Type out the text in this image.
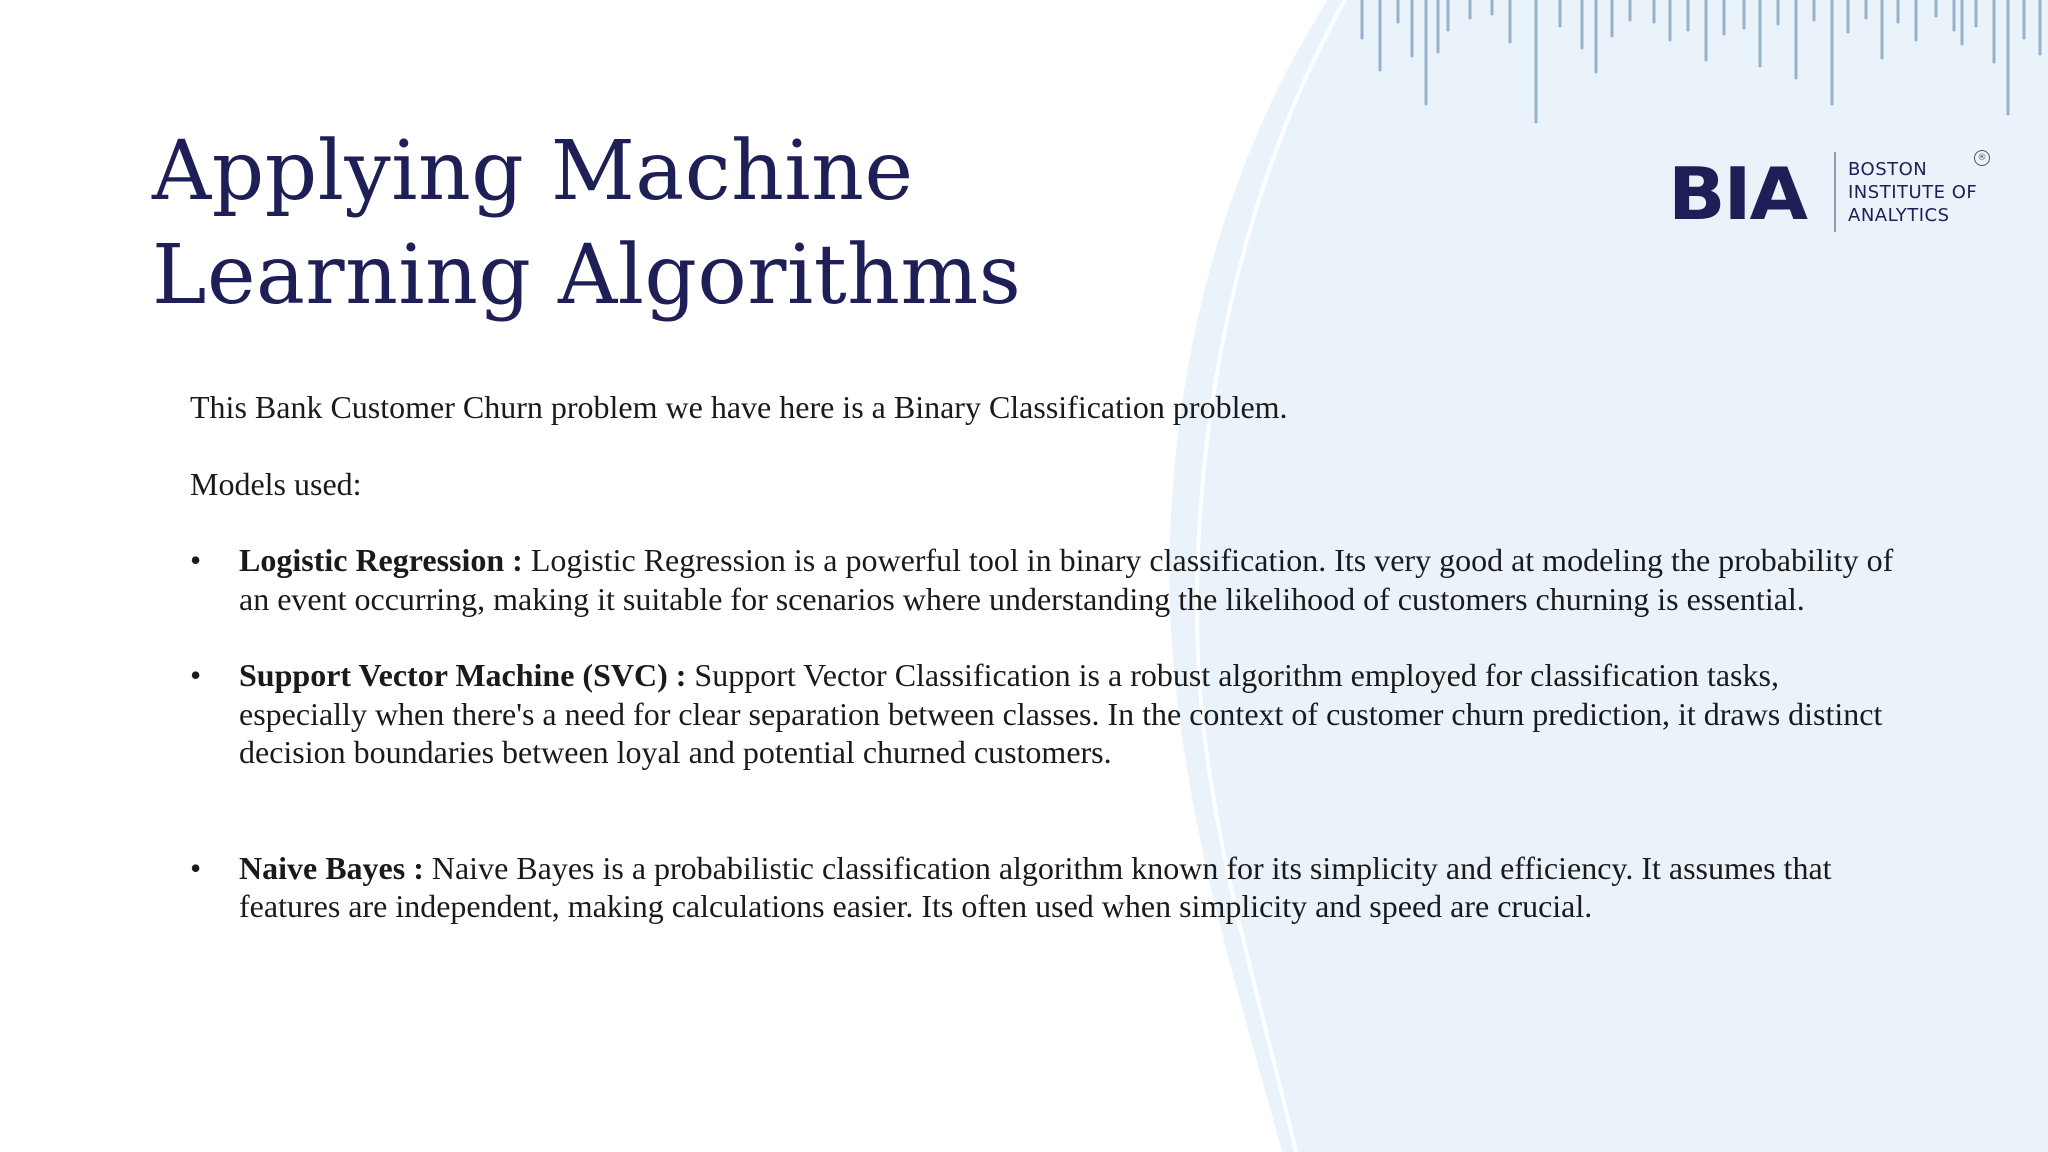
Applying Machine
Learning Algorithms
BIA BOSTON
INSTITUTE OF
ANALYTICS
®

This Bank Customer Churn problem we have here is a Binary Classification problem.

Models used:

• Logistic Regression : Logistic Regression is a powerful tool in binary classification. Its very good at modeling the probability of an event occurring, making it suitable for scenarios where understanding the likelihood of customers churning is essential.
• Support Vector Machine (SVC) : Support Vector Classification is a robust algorithm employed for classification tasks, especially when there's a need for clear separation between classes. In the context of customer churn prediction, it draws distinct decision boundaries between loyal and potential churned customers.
• Naive Bayes : Naive Bayes is a probabilistic classification algorithm known for its simplicity and efficiency. It assumes that features are independent, making calculations easier. Its often used when simplicity and speed are crucial.
